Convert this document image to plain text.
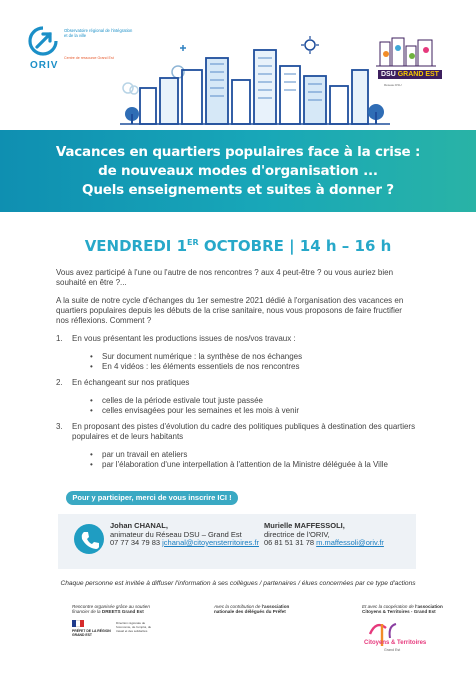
ORIV
Observatoire régional de l'intégration et de la ville
Centre de ressource Grand Est
DSU GRAND EST
Réseau DSU
Vacances en quartiers populaires face à la crise :
de nouveaux modes d'organisation ...
Quels enseignements et suites à donner ?
VENDREDI 1ER OCTOBRE | 14 h – 16 h

Vous avez participé à l'une ou l'autre de nos rencontres ? aux 4 peut-être ? ou vous auriez bien souhaité en être ?...

A la suite de notre cycle d'échanges du 1er semestre 2021 dédié à l'organisation des vacances en quartiers populaires depuis les débuts de la crise sanitaire, nous vous proposons de faire fructifier nos réflexions. Comment ?

1.	En vous présentant les productions issues de nos/vos travaux :
• Sur document numérique : la synthèse de nos échanges
• En 4 vidéos : les éléments essentiels de nos rencontres
2.	En échangeant sur nos pratiques
• celles de la période estivale tout juste passée
• celles envisagées pour les semaines et les mois à venir
3.	En proposant des pistes d'évolution du cadre des politiques publiques à destination des quartiers populaires et de leurs habitants
• par un travail en ateliers
• par l'élaboration d'une interpellation à l'attention de la Ministre déléguée à la Ville
Pour y participer, merci de vous inscrire ICI !
Johan CHANAL,
animateur du Réseau DSU – Grand Est
07 77 34 79 83 jchanal@citoyensterritoires.fr
Murielle MAFFESSOLI,
directrice de l'ORIV,
06 81 51 31 78 m.maffessoli@oriv.fr
Chaque personne est invitée à diffuser l'information à ses collègues / partenaires / élues concernées par ce type d'actions
Rencontre organisée grâce au soutien
financier de la DREETS Grand Est
Avec la contribution de l'association
nationale des délégués du Préfet
Et avec la coopération de l'association
Citoyens & Territoires - Grand Est
PRÉFET DE LA RÉGION GRAND EST
Direction régionale de l'économie, de l'emploi, du travail et des solidarités
Citoyens & Territoires
Grand Est
